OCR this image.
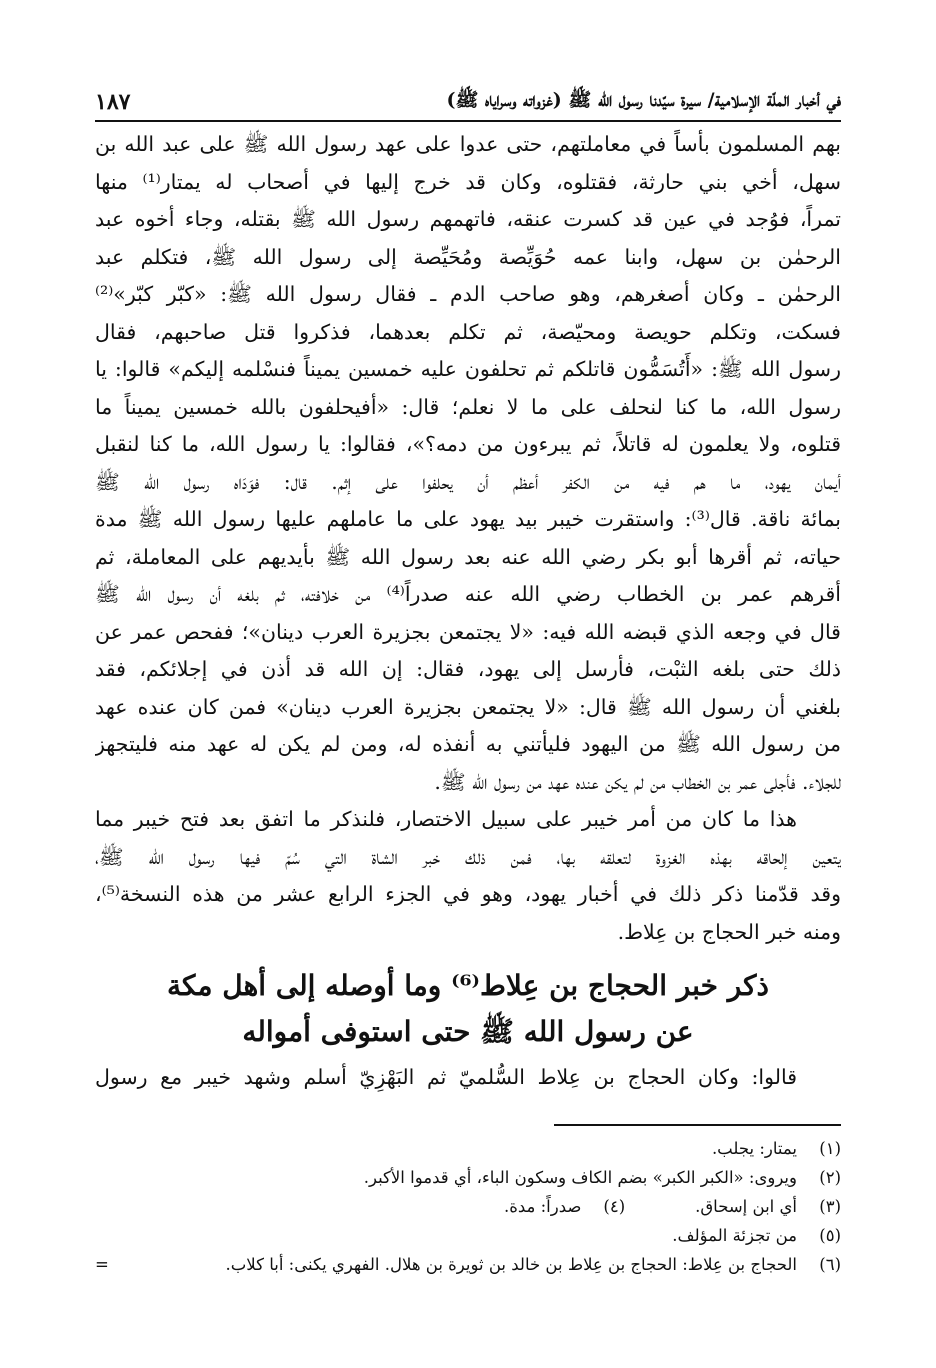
في أخبار الملّة الإسلامية/ سيرة سيّدنا رسول الله ﷺ (غزواته وسراياه ﷺ)
١٨٧
بهم المسلمون بأساً في معاملتهم، حتى عدوا على عهد رسول الله ﷺ على عبد الله بن
سهل، أخي بني حارثة، فقتلوه، وكان قد خرج إليها في أصحاب له يمتار⁽¹⁾ منها
تمراً، فوُجد في عين قد كسرت عنقه، فاتهمهم رسول الله ﷺ بقتله، وجاء أخوه عبد
الرحمٰن بن سهل، وابنا عمه حُوَيِّصة ومُحَيِّصة إلى رسول الله ﷺ، فتكلم عبد
الرحمٰن ـ وكان أصغرهم، وهو صاحب الدم ـ فقال رسول الله ﷺ: «كبّر كبّر»⁽²⁾
فسكت، وتكلم حويصة ومحيّصة، ثم تكلم بعدهما، فذكروا قتل صاحبهم، فقال
رسول الله ﷺ: «أَتُسَمُّون قاتلكم ثم تحلفون عليه خمسين يميناً فنسْلمه إليكم» قالوا: يا
رسول الله، ما كنا لنحلف على ما لا نعلم؛ قال: «أفيحلفون بالله خمسين يميناً ما
قتلوه، ولا يعلمون له قاتلاً، ثم يبرءون من دمه؟»، فقالوا: يا رسول الله، ما كنا لنقبل
أيمان يهود، ما هم فيه من الكفر أعظم أن يحلفوا على إثم. قال: فوَدَاه رسول الله ﷺ
بمائة ناقة. قال⁽³⁾: واستقرت خيبر بيد يهود على ما عاملهم عليها رسول الله ﷺ مدة
حياته، ثم أقرها أبو بكر رضي الله عنه بعد رسول الله ﷺ بأيديهم على المعاملة، ثم
أقرهم عمر بن الخطاب رضي الله عنه صدراً⁽⁴⁾ من خلافته، ثم بلغه أن رسول الله ﷺ
قال في وجعه الذي قبضه الله فيه: «لا يجتمعن بجزيرة العرب دينان»؛ ففحص عمر عن
ذلك حتى بلغه الثبْت، فأرسل إلى يهود، فقال: إن الله قد أذن في إجلائكم، فقد
بلغني أن رسول الله ﷺ قال: «لا يجتمعن بجزيرة العرب دينان» فمن كان عنده عهد
من رسول الله ﷺ من اليهود فليأتني به أنفذه له، ومن لم يكن له عهد منه فليتجهز
للجلاء. فأجلى عمر بن الخطاب من لم يكن عنده عهد من رسول الله ﷺ.
هذا ما كان من أمر خيبر على سبيل الاختصار، فلنذكر ما اتفق بعد فتح خيبر مما
يتعين إلحاقه بهذه الغزوة لتعلقه بها، فمن ذلك خبر الشاة التي سُمّ فيها رسول الله ﷺ،
وقد قدّمنا ذكر ذلك في أخبار يهود، وهو في الجزء الرابع عشر من هذه النسخة⁽⁵⁾،
ومنه خبر الحجاج بن عِلاط.
ذكر خبر الحجاج بن عِلاط⁽⁶⁾ وما أوصله إلى أهل مكة
عن رسول الله ﷺ حتى استوفى أمواله
قالوا: وكان الحجاج بن عِلاط السُّلميّ ثم البَهْزِيّ أسلم وشهد خيبر مع رسول
(١)
يمتار: يجلب.
(٢)
ويروى: «الكبر الكبر» بضم الكاف وسكون الباء، أي قدموا الأكبر.
(٣)
أي ابن إسحاق.
(٤)
صدراً: مدة.
(٥)
من تجزئة المؤلف.
(٦)
الحجاج بن عِلاط: الحجاج بن عِلاط بن خالد بن ثويرة بن هلال. الفهري يكنى: أبا كلاب.
=
